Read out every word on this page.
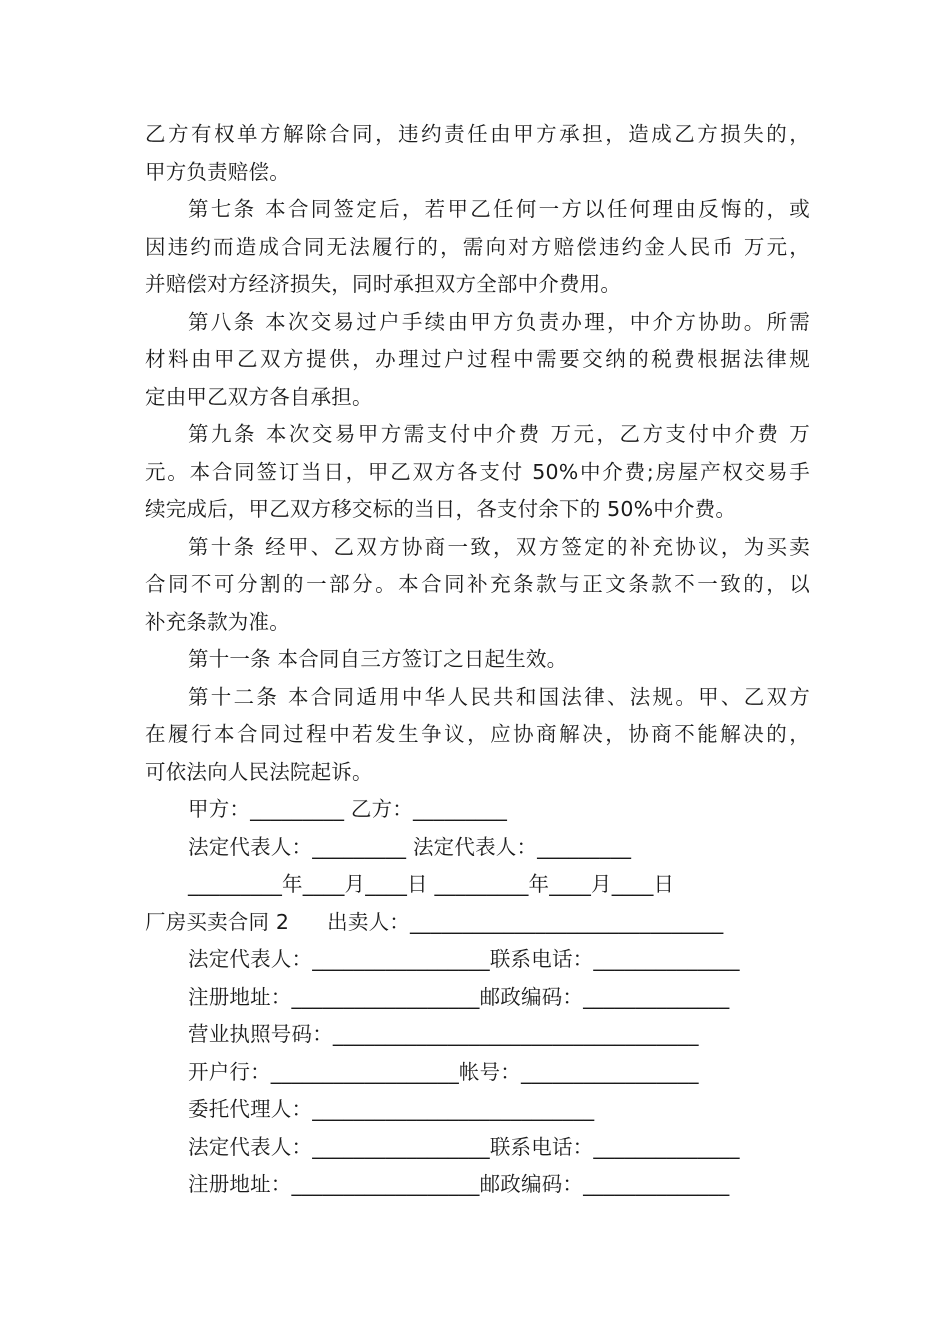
乙方有权单方解除合同，违约责任由甲方承担，造成乙方损失的，
甲方负责赔偿。
第七条 本合同签定后，若甲乙任何一方以任何理由反悔的，或
因违约而造成合同无法履行的，需向对方赔偿违约金人民币 万元，
并赔偿对方经济损失，同时承担双方全部中介费用。
第八条 本次交易过户手续由甲方负责办理，中介方协助。所需
材料由甲乙双方提供，办理过户过程中需要交纳的税费根据法律规
定由甲乙双方各自承担。
第九条 本次交易甲方需支付中介费 万元，乙方支付中介费 万
元。本合同签订当日，甲乙双方各支付 50%中介费;房屋产权交易手
续完成后，甲乙双方移交标的当日，各支付余下的 50%中介费。
第十条 经甲、乙双方协商一致，双方签定的补充协议，为买卖
合同不可分割的一部分。本合同补充条款与正文条款不一致的，以
补充条款为准。
第十一条 本合同自三方签订之日起生效。
第十二条 本合同适用中华人民共和国法律、法规。甲、乙双方
在履行本合同过程中若发生争议，应协商解决，协商不能解决的，
可依法向人民法院起诉。
甲方：_________ 乙方：_________
法定代表人：_________ 法定代表人：_________
_________年____月____日 _________年____月____日
厂房买卖合同 2 出卖人：______________________________
法定代表人：_________________联系电话：______________
注册地址：__________________邮政编码：______________
营业执照号码：___________________________________
开户行：__________________帐号：_________________
委托代理人：___________________________
法定代表人：_________________联系电话：______________
注册地址：__________________邮政编码：______________
